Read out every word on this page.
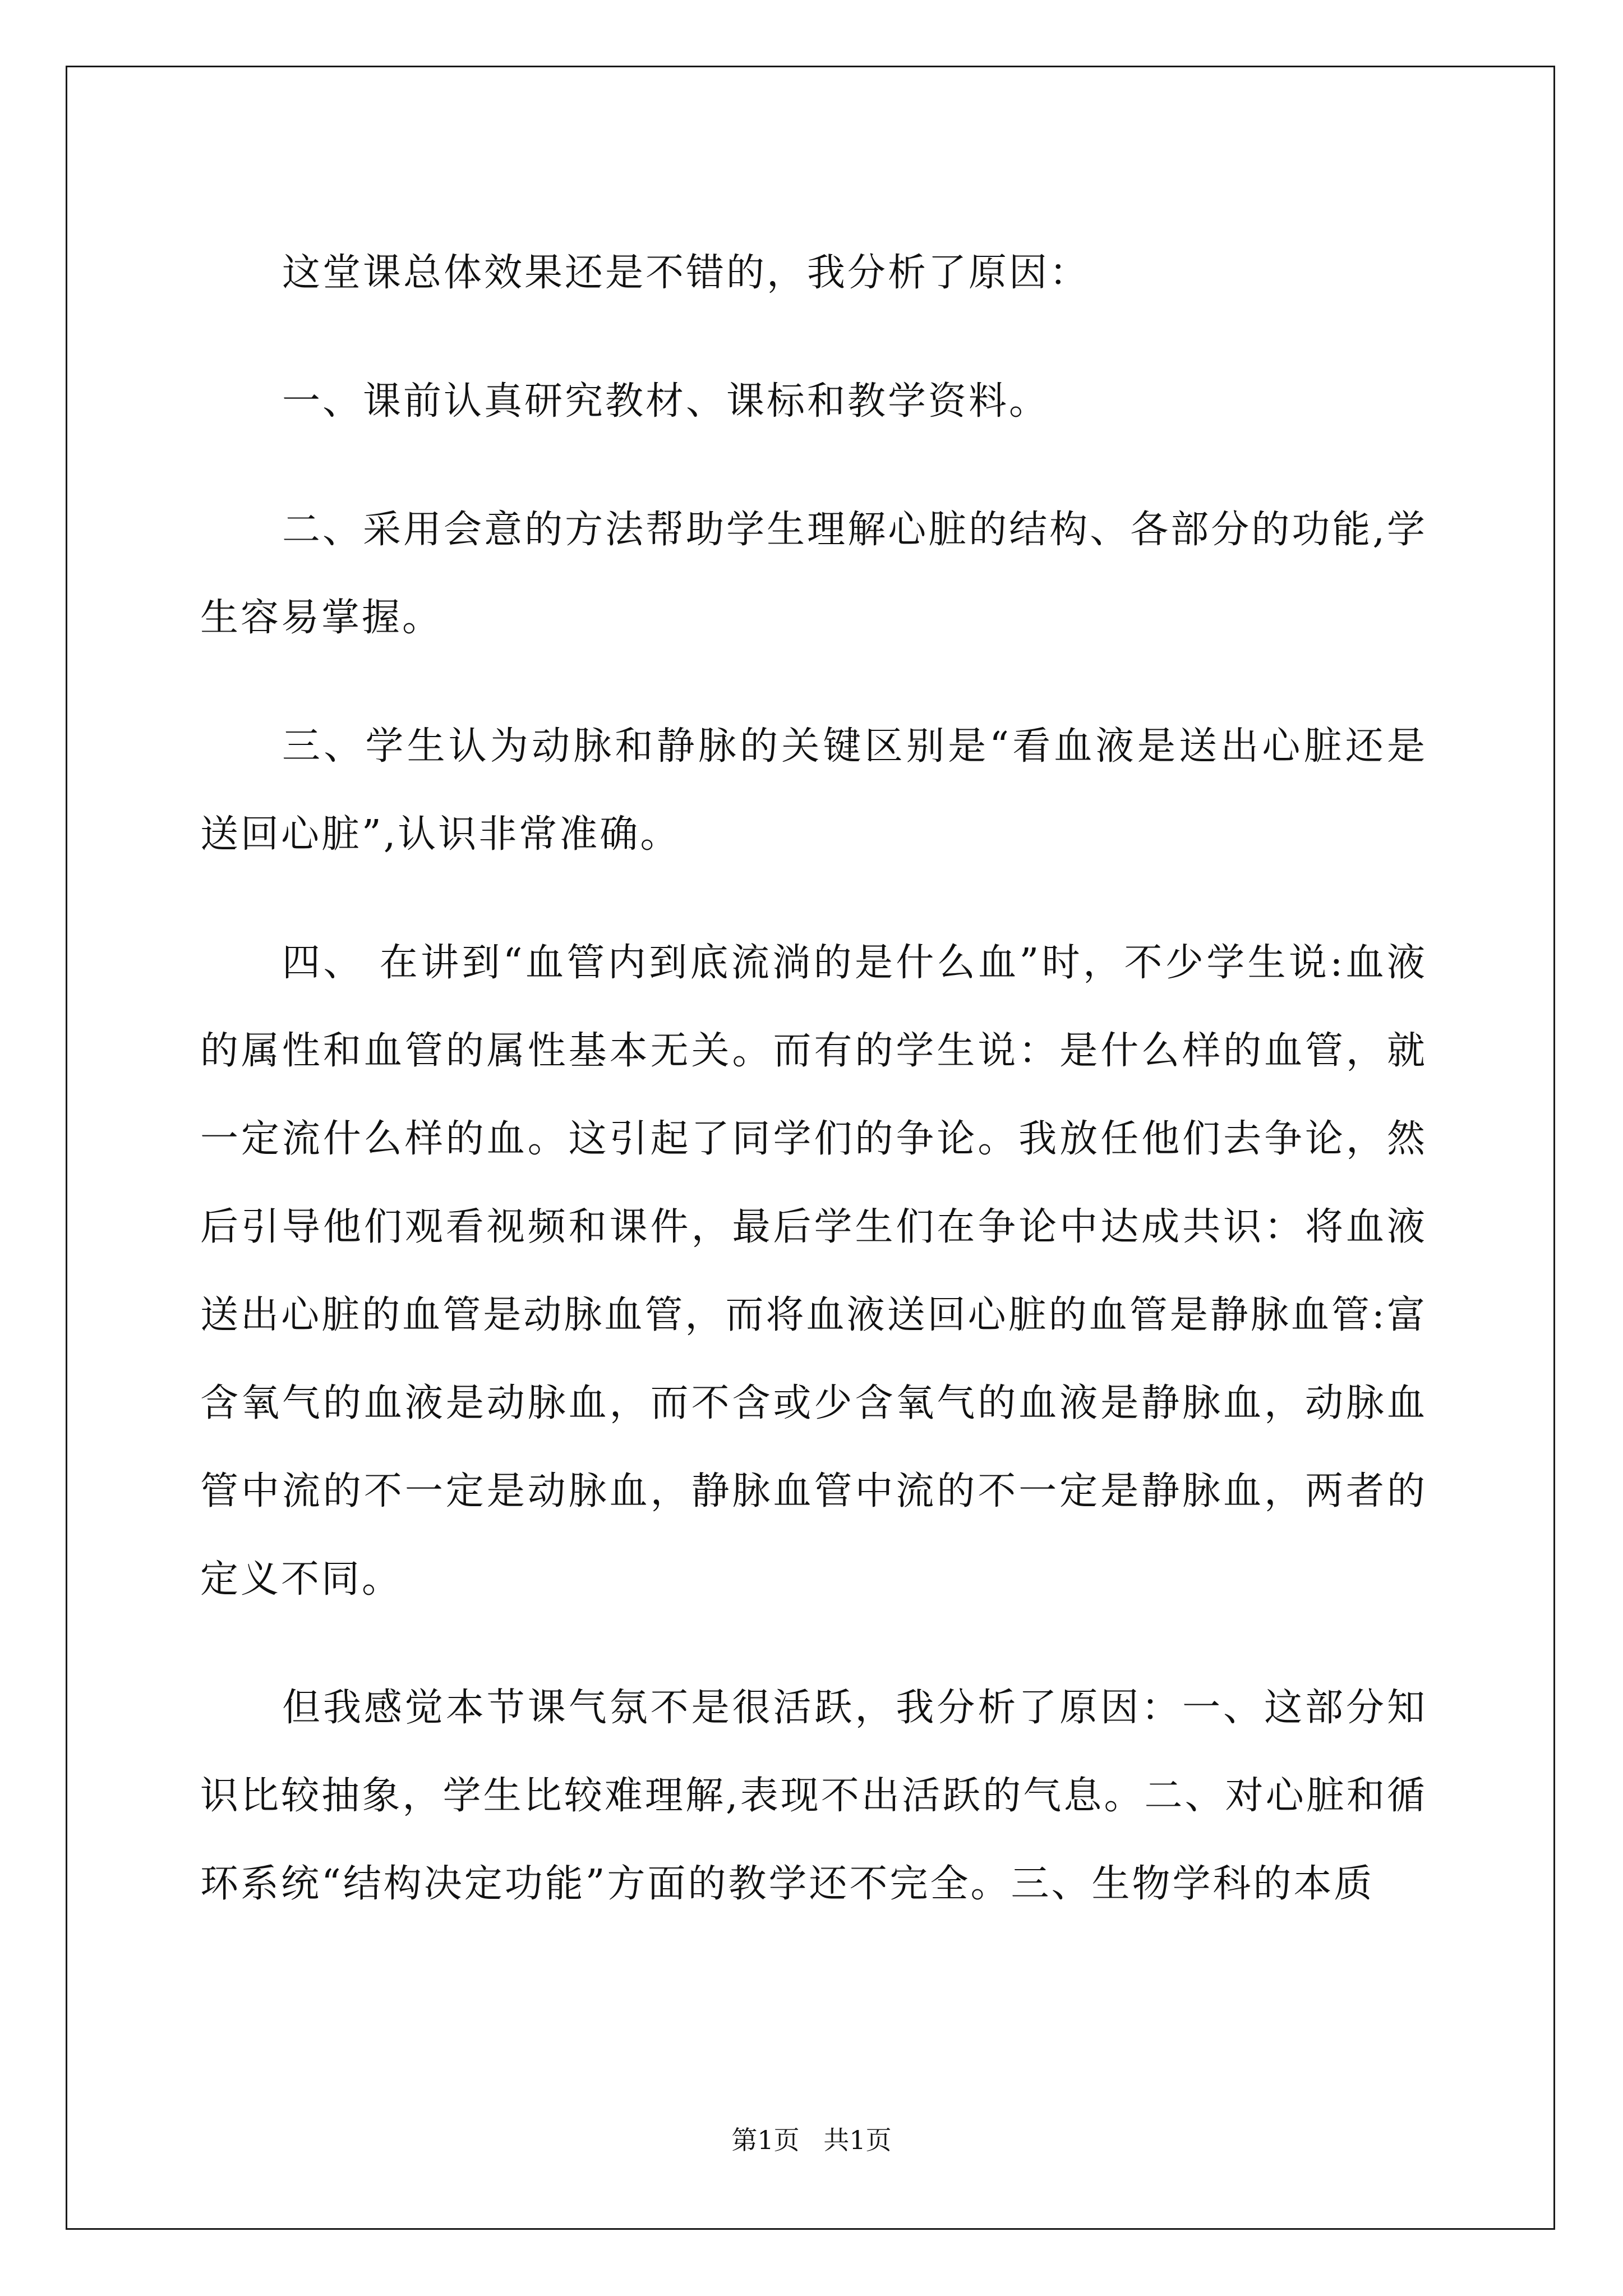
这堂课总体效果还是不错的，我分析了原因：

一、课前认真研究教材、课标和教学资料。

二、采用会意的方法帮助学生理解心脏的结构、各部分的功能,学生容易掌握。

三、学生认为动脉和静脉的关键区别是“看血液是送出心脏还是送回心脏”,认识非常准确。

四、 在讲到“血管内到底流淌的是什么血”时，不少学生说:血液的属性和血管的属性基本无关。而有的学生说：是什么样的血管，就一定流什么样的血。这引起了同学们的争论。我放任他们去争论，然后引导他们观看视频和课件，最后学生们在争论中达成共识：将血液送出心脏的血管是动脉血管，而将血液送回心脏的血管是静脉血管:富含氧气的血液是动脉血，而不含或少含氧气的血液是静脉血，动脉血管中流的不一定是动脉血，静脉血管中流的不一定是静脉血，两者的定义不同。

但我感觉本节课气氛不是很活跃，我分析了原因：一、这部分知识比较抽象，学生比较难理解,表现不出活跃的气息。二、对心脏和循环系统“结构决定功能”方面的教学还不完全。三、生物学科的本质

第1页 共1页
